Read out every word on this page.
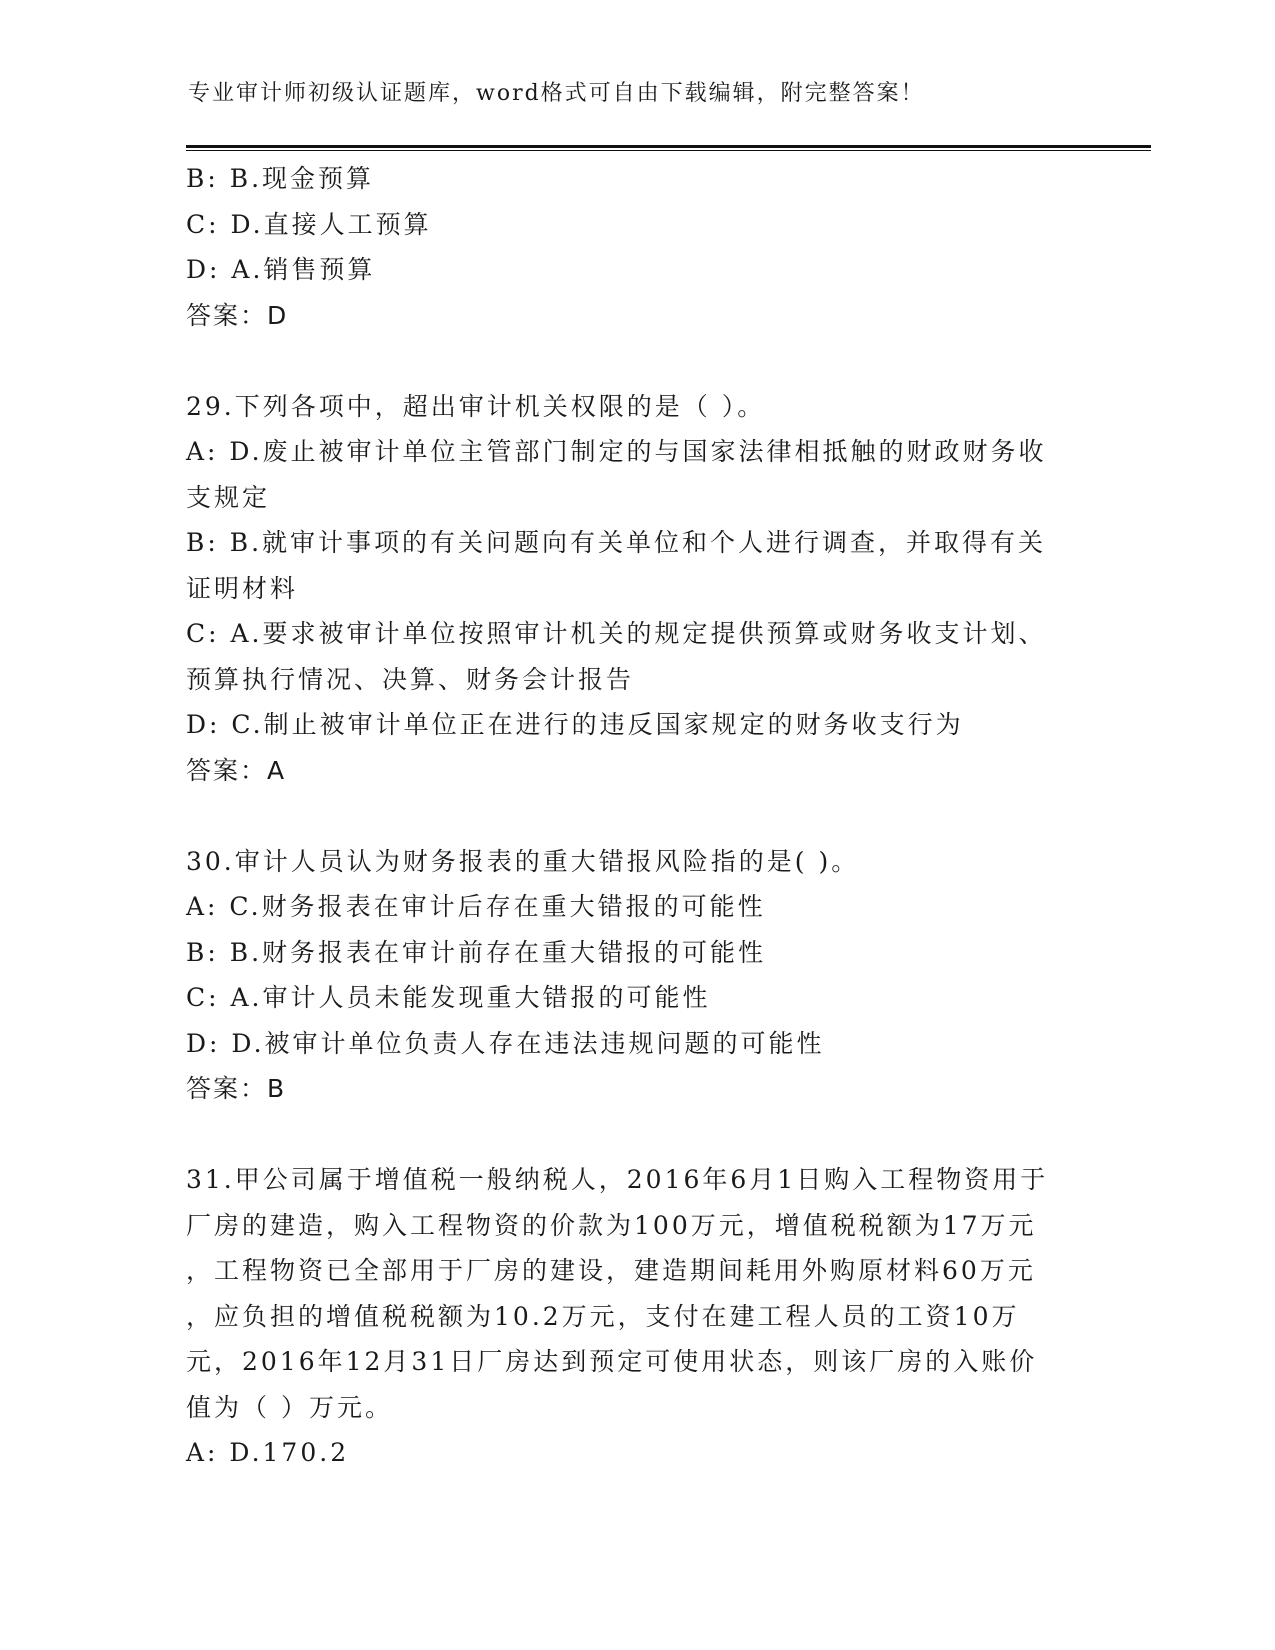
专业审计师初级认证题库，word格式可自由下载编辑，附完整答案！
B: B.现金预算
C: D.直接人工预算
D: A.销售预算
答案：D
29.下列各项中，超出审计机关权限的是（ ）。
A: D.废止被审计单位主管部门制定的与国家法律相抵触的财政财务收
支规定
B: B.就审计事项的有关问题向有关单位和个人进行调查，并取得有关
证明材料
C: A.要求被审计单位按照审计机关的规定提供预算或财务收支计划、
预算执行情况、决算、财务会计报告
D: C.制止被审计单位正在进行的违反国家规定的财务收支行为
答案：A
30.审计人员认为财务报表的重大错报风险指的是( )。
A: C.财务报表在审计后存在重大错报的可能性
B: B.财务报表在审计前存在重大错报的可能性
C: A.审计人员未能发现重大错报的可能性
D: D.被审计单位负责人存在违法违规问题的可能性
答案：B
31.甲公司属于增值税一般纳税人，2016年6月1日购入工程物资用于
厂房的建造，购入工程物资的价款为100万元，增值税税额为17万元
，工程物资已全部用于厂房的建设，建造期间耗用外购原材料60万元
，应负担的增值税税额为10.2万元，支付在建工程人员的工资10万
元，2016年12月31日厂房达到预定可使用状态，则该厂房的入账价
值为（ ）万元。
A: D.170.2
